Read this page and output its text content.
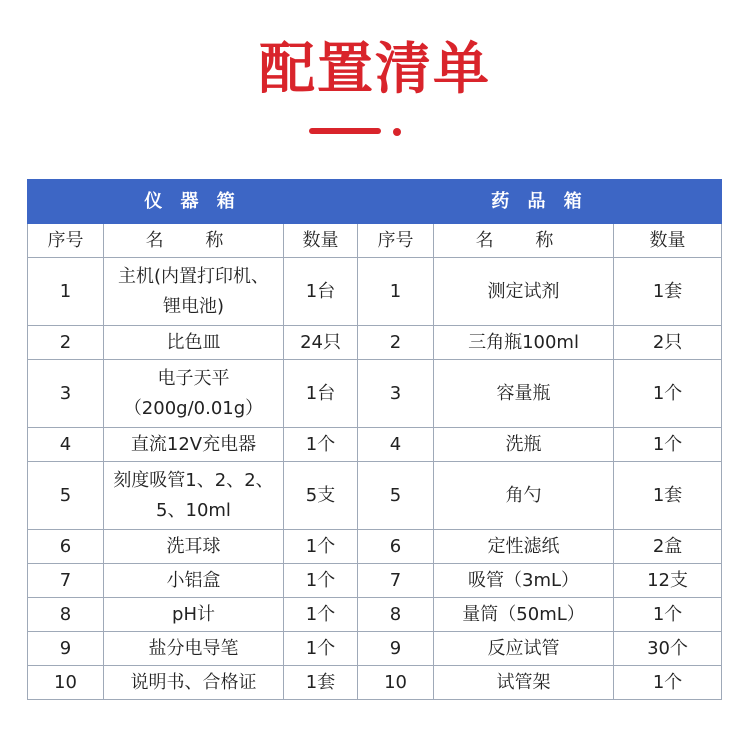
配置清单
仪 器 箱			药 品 箱		
序号	名 称	数量	序号	名 称	数量
1	主机(内置打印机、
锂电池)	1台	1	测定试剂	1套
2	比色皿	24只	2	三角瓶100ml	2只
3	电子天平
（200g/0.01g）	1台	3	容量瓶	1个
4	直流12V充电器	1个	4	洗瓶	1个
5	刻度吸管1、2、2、
5、10ml	5支	5	角勺	1套
6	洗耳球	1个	6	定性滤纸	2盒
7	小铝盒	1个	7	吸管（3mL）	12支
8	pH计	1个	8	量筒（50mL）	1个
9	盐分电导笔	1个	9	反应试管	30个
10	说明书、合格证	1套	10	试管架	1个
